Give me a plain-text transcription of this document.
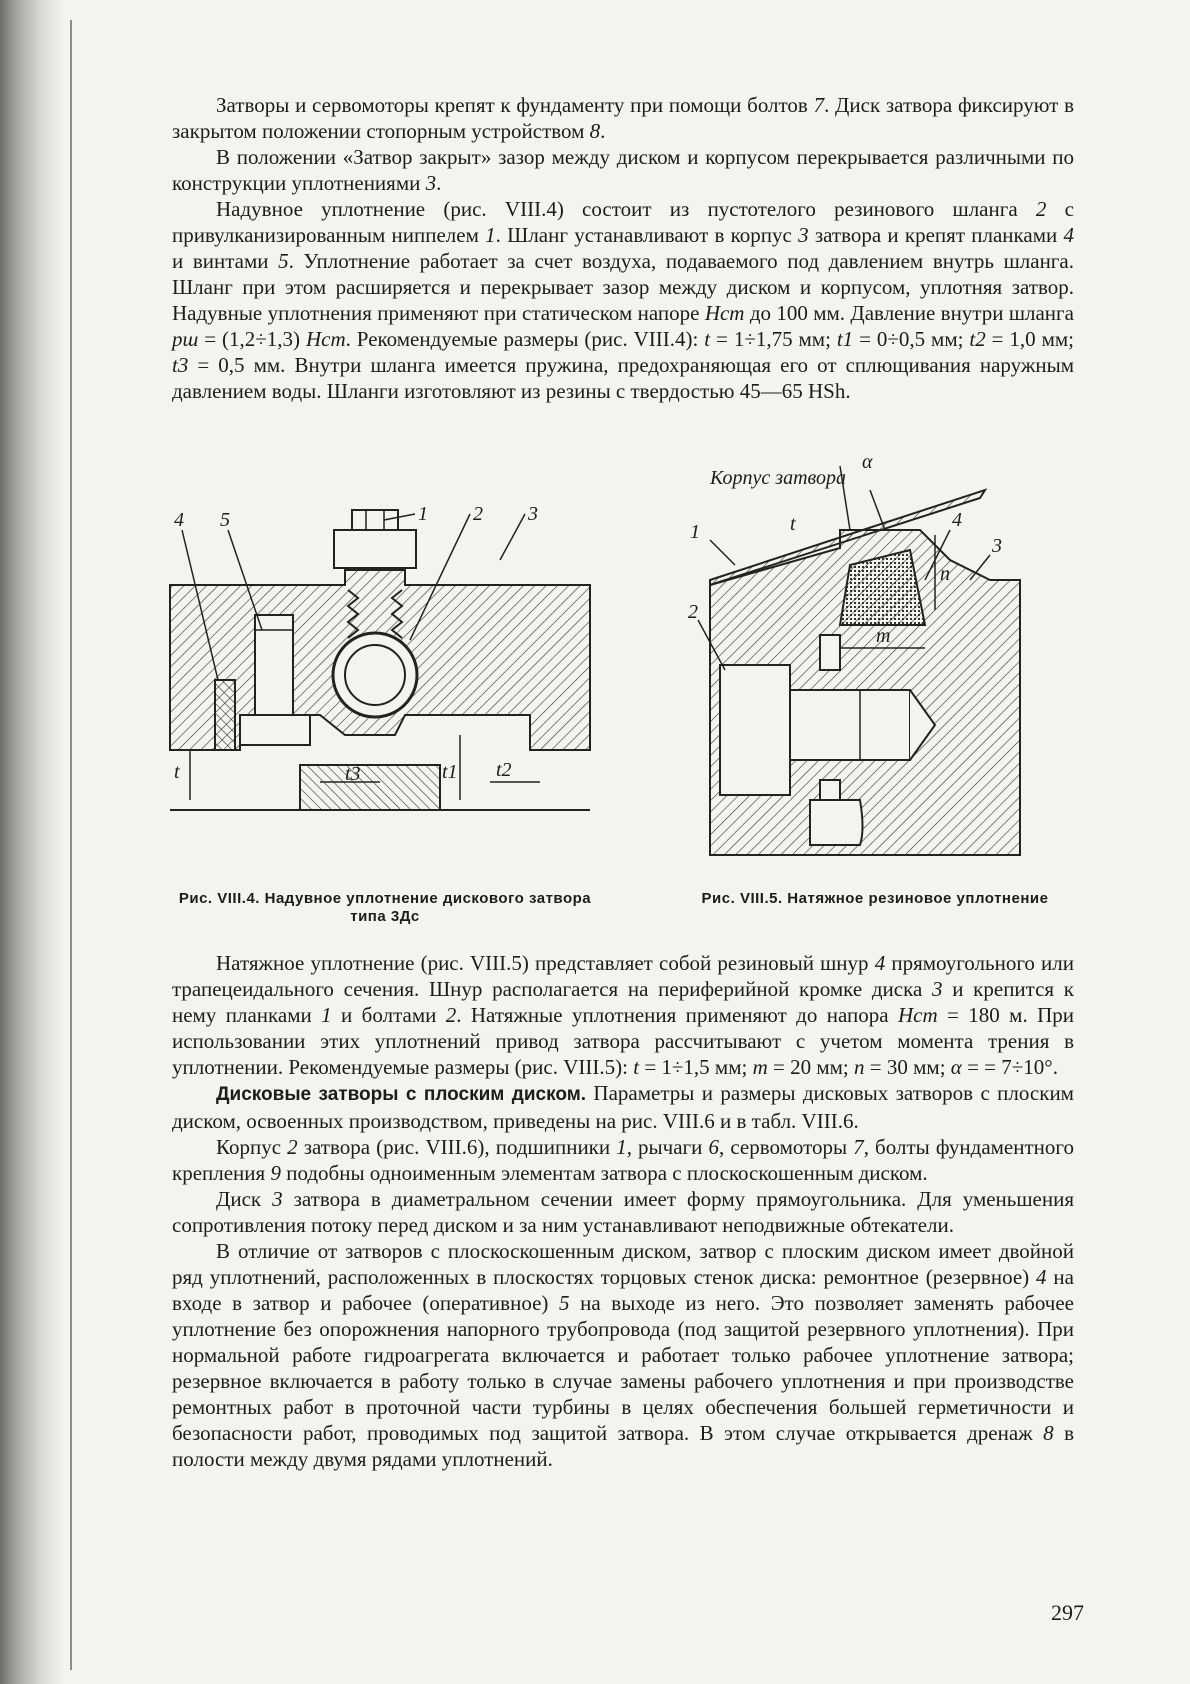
Затворы и сервомоторы крепят к фундаменту при помощи болтов 7. Диск затвора фиксируют в закрытом положении стопорным устройством 8.

В положении «Затвор закрыт» зазор между диском и корпусом перекрывается различными по конструкции уплотнениями 3.

Надувное уплотнение (рис. VIII.4) состоит из пустотелого резинового шланга 2 с привулканизированным ниппелем 1. Шланг устанавливают в корпус 3 затвора и крепят планками 4 и винтами 5. Уплотнение работает за счет воздуха, подаваемого под давлением внутрь шланга. Шланг при этом расширяется и перекрывает зазор между диском и корпусом, уплотняя затвор. Надувные уплотнения применяют при статическом напоре Hст до 100 мм. Давление внутри шланга pш = (1,2÷1,3) Hст. Рекомендуемые размеры (рис. VIII.4): t = 1÷1,75 мм; t1 = 0÷0,5 мм; t2 = 1,0 мм; t3 = 0,5 мм. Внутри шланга имеется пружина, предохраняющая его от сплющивания наружным давлением воды. Шланги изготовляют из резины с твердостью 45—65 HSh.

4 5	1 2 3
t	t3	t1 t2
Рис. VIII.4. Надувное уплотнение дискового затвора типа 3Дс
Корпус затвора
α
t
1
2
4
3
n
m
Рис. VIII.5. Натяжное резиновое уплотнение

Натяжное уплотнение (рис. VIII.5) представляет собой резиновый шнур 4 прямоугольного или трапецеидального сечения. Шнур располагается на периферийной кромке диска 3 и крепится к нему планками 1 и болтами 2. Натяжные уплотнения применяют до напора Hст = 180 м. При использовании этих уплотнений привод затвора рассчитывают с учетом момента трения в уплотнении. Рекомендуемые размеры (рис. VIII.5): t = 1÷1,5 мм; m = 20 мм; n = 30 мм; α = = 7÷10°.

Дисковые затворы с плоским диском. Параметры и размеры дисковых затворов с плоским диском, освоенных производством, приведены на рис. VIII.6 и в табл. VIII.6.

Корпус 2 затвора (рис. VIII.6), подшипники 1, рычаги 6, сервомоторы 7, болты фундаментного крепления 9 подобны одноименным элементам затвора с плоскоскошенным диском.

Диск 3 затвора в диаметральном сечении имеет форму прямоугольника. Для уменьшения сопротивления потоку перед диском и за ним устанавливают неподвижные обтекатели.

В отличие от затворов с плоскоскошенным диском, затвор с плоским диском имеет двойной ряд уплотнений, расположенных в плоскостях торцовых стенок диска: ремонтное (резервное) 4 на входе в затвор и рабочее (оперативное) 5 на выходе из него. Это позволяет заменять рабочее уплотнение без опорожнения напорного трубопровода (под защитой резервного уплотнения). При нормальной работе гидроагрегата включается и работает только рабочее уплотнение затвора; резервное включается в работу только в случае замены рабочего уплотнения и при производстве ремонтных работ в проточной части турбины в целях обеспечения большей герметичности и безопасности работ, проводимых под защитой затвора. В этом случае открывается дренаж 8 в полости между двумя рядами уплотнений.

297
